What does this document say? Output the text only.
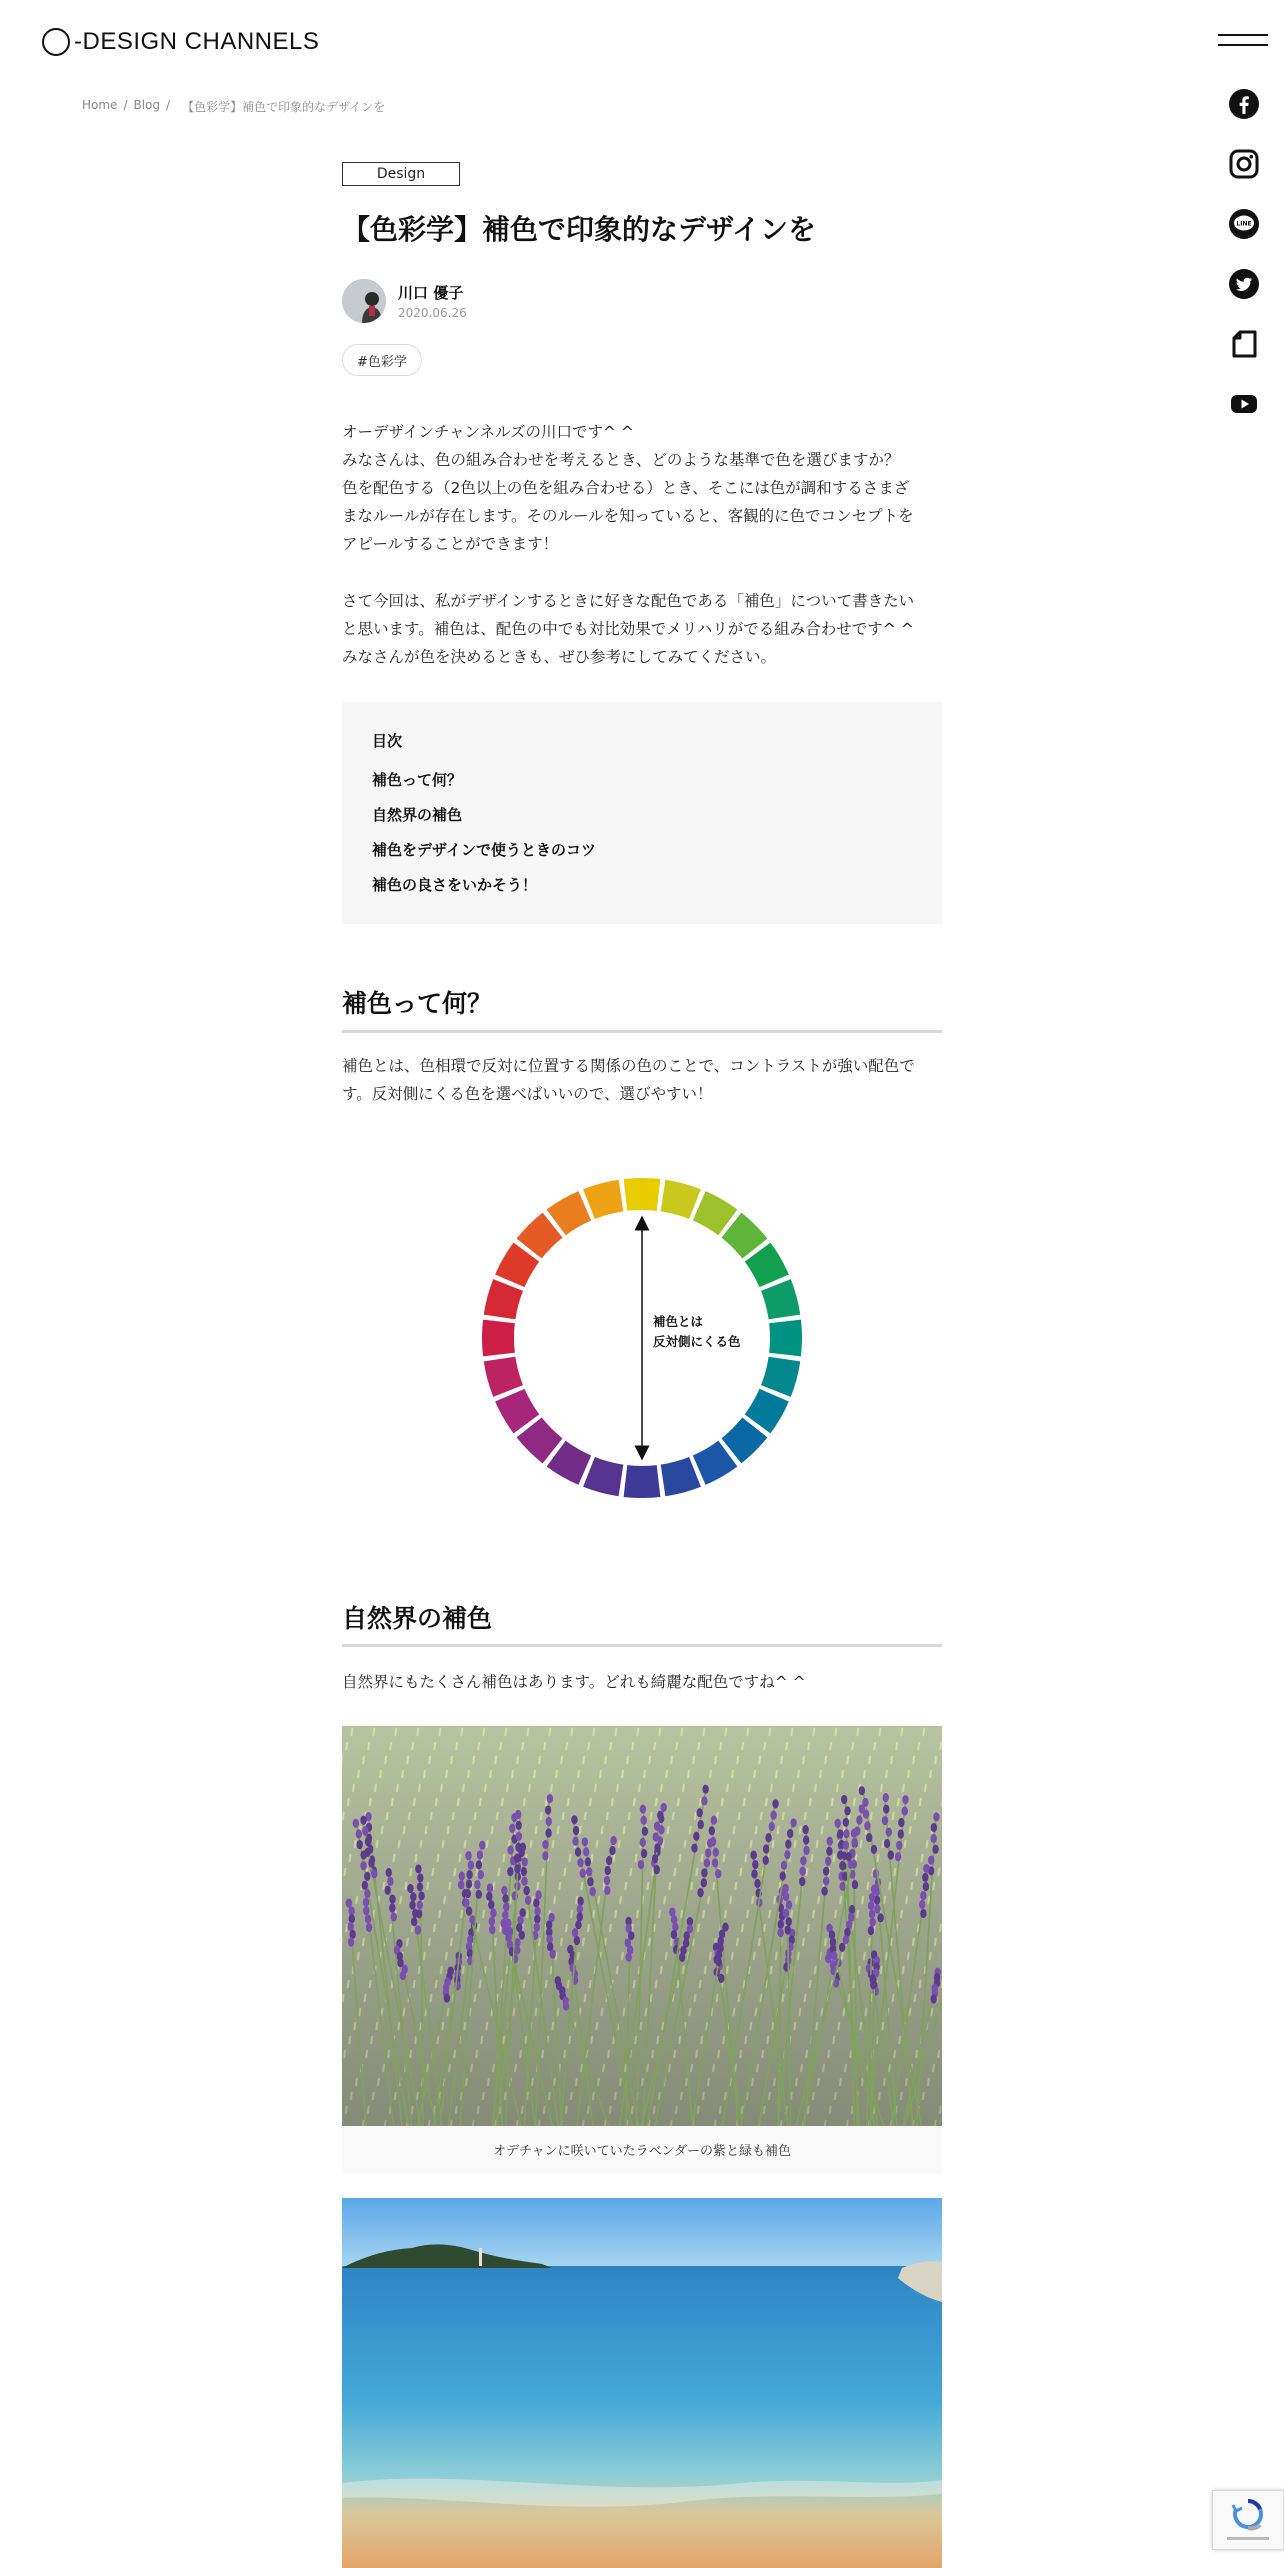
-DESIGN CHANNELS
LINE
Home / Blog / 【色彩学】補色で印象的なデザインを
Design
【色彩学】補色で印象的なデザインを
川口 優子
2020.06.26
#色彩学

オーデザインチャンネルズの川口です^ ^

みなさんは、色の組み合わせを考えるとき、どのような基準で色を選びますか？

色を配色する（2色以上の色を組み合わせる）とき、そこには色が調和するさまざ

まなルールが存在します。そのルールを知っていると、客観的に色でコンセプトを

アピールすることができます！

さて今回は、私がデザインするときに好きな配色である「補色」について書きたい

と思います。補色は、配色の中でも対比効果でメリハリがでる組み合わせです^ ^

みなさんが色を決めるときも、ぜひ参考にしてみてください。

目次
補色って何？
自然界の補色
補色をデザインで使うときのコツ
補色の良さをいかそう！
補色って何？

補色とは、色相環で反対に位置する関係の色のことで、コントラストが強い配色で

す。反対側にくる色を選べばいいので、選びやすい！

補色とは
反対側にくる色
自然界の補色
自然界にもたくさん補色はあります。どれも綺麗な配色ですね^ ^
オデチャンに咲いていたラベンダーの紫と緑も補色
